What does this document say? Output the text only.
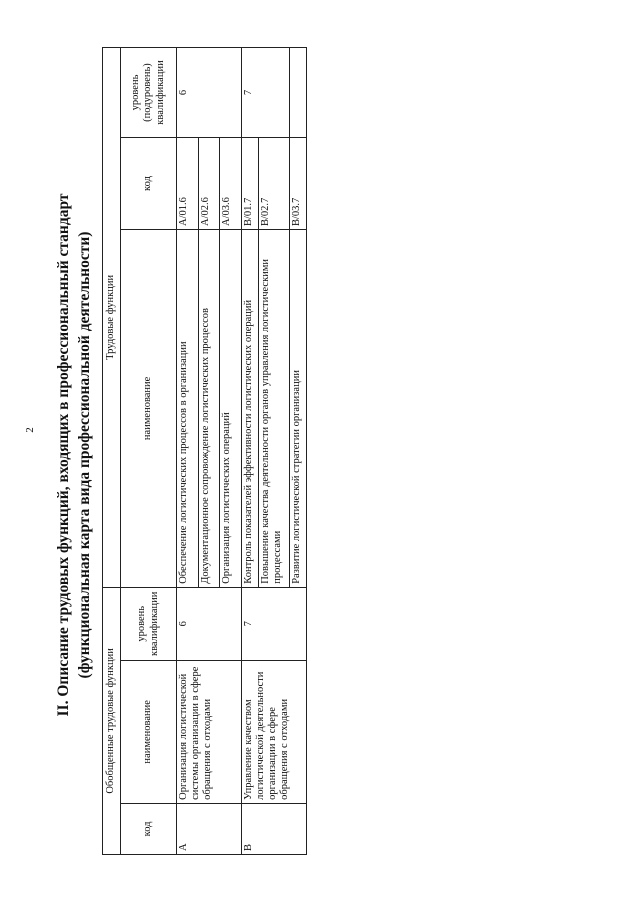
2 II. Описание трудовых функций, входящих в профессиональный стандарт (функциональная карта вида профессиональной деятельности)
Обобщенные трудовые функции			Трудовые функции		
код	наименование	уровень квалификации	наименование	код	уровень (подуровень) квалификации
А	Организация логистической системы организации в сфере обращения с отходами	6	Обеспечение логистических процессов в организации	A/01.6	6
			Документационное сопровождение логистических процессов	A/02.6	
			Организация логистических операций	A/03.6	
В	Управление качеством логистической деятельности организации в сфере обращения с отходами	7	Контроль показателей эффективности логистических операций	B/01.7	7
			Повышение качества деятельности органов управления логистическими процессами	B/02.7	
			Развитие логистической стратегии организации	B/03.7	
